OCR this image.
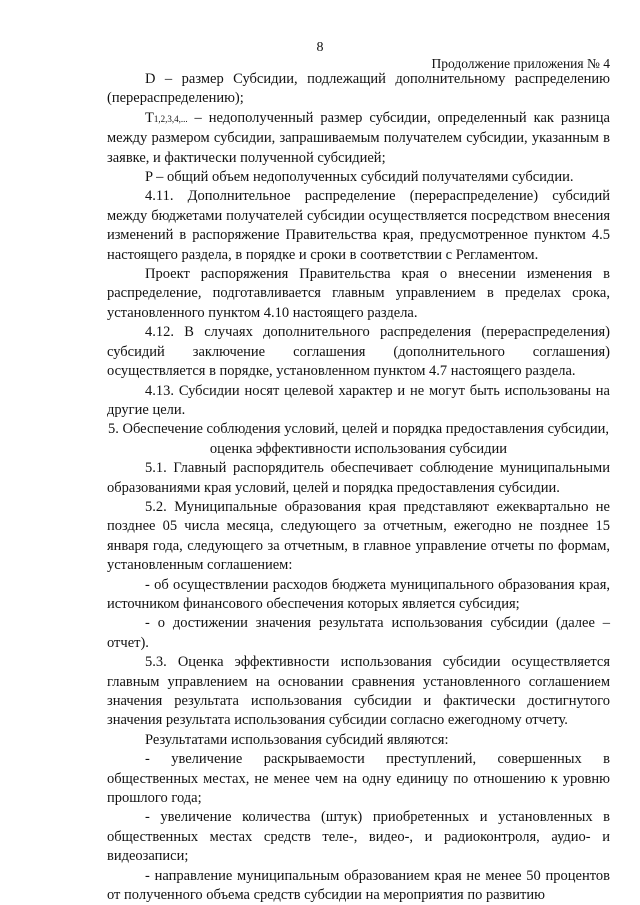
8
Продолжение приложения № 4

D – размер Субсидии, подлежащий дополнительному распределению (перераспределению);

T1,2,3,4,... – недополученный размер субсидии, определенный как разница между размером субсидии, запрашиваемым получателем субсидии, указанным в заявке, и фактически полученной субсидией;

P – общий объем недополученных субсидий получателями субсидии.

4.11. Дополнительное распределение (перераспределение) субсидий между бюджетами получателей субсидии осуществляется посредством внесения изменений в распоряжение Правительства края, предусмотренное пунктом 4.5 настоящего раздела, в порядке и сроки в соответствии с Регламентом.

Проект распоряжения Правительства края о внесении изменения в распределение, подготавливается главным управлением в пределах срока, установленного пунктом 4.10 настоящего раздела.

4.12. В случаях дополнительного распределения (перераспределения) субсидий заключение соглашения (дополнительного соглашения) осуществляется в порядке, установленном пунктом 4.7 настоящего раздела.

4.13. Субсидии носят целевой характер и не могут быть использованы на другие цели.

5. Обеспечение соблюдения условий, целей и порядка предоставления субсидии, оценка эффективности использования субсидии

5.1. Главный распорядитель обеспечивает соблюдение муниципальными образованиями края условий, целей и порядка предоставления субсидии.

5.2. Муниципальные образования края представляют ежеквартально не позднее 05 числа месяца, следующего за отчетным, ежегодно не позднее 15 января года, следующего за отчетным, в главное управление отчеты по формам, установленным соглашением:

- об осуществлении расходов бюджета муниципального образования края, источником финансового обеспечения которых является субсидия;

- о достижении значения результата использования субсидии (далее – отчет).

5.3. Оценка эффективности использования субсидии осуществляется главным управлением на основании сравнения установленного соглашением значения результата использования субсидии и фактически достигнутого значения результата использования субсидии согласно ежегодному отчету.

Результатами использования субсидий являются:

- увеличение раскрываемости преступлений, совершенных в общественных местах, не менее чем на одну единицу по отношению к уровню прошлого года;

- увеличение количества (штук) приобретенных и установленных в общественных местах средств теле-, видео-, и радиоконтроля, аудио- и видеозаписи;

- направление муниципальным образованием края не менее 50 процентов от полученного объема средств субсидии на мероприятия по развитию
